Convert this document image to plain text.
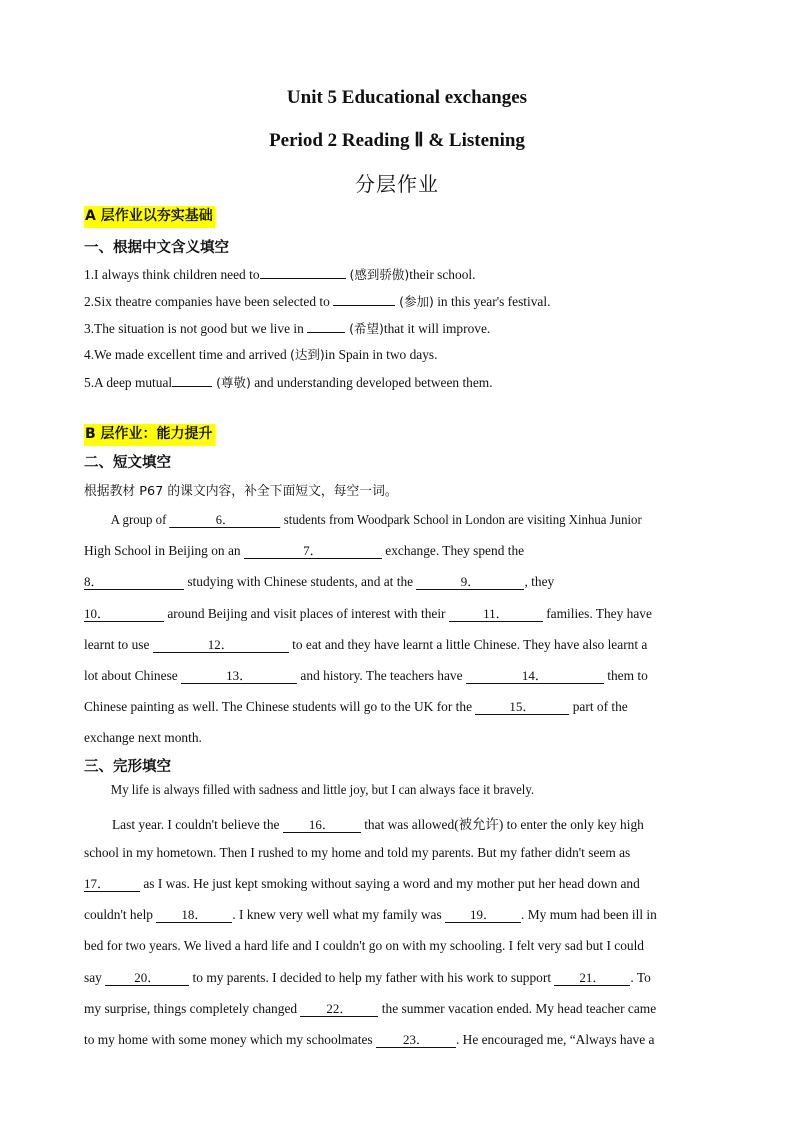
Unit 5 Educational exchanges
Period 2 Reading Ⅱ & Listening
分层作业
A 层作业以夯实基础
一、根据中文含义填空
1.I always think children need to	(感到骄傲)their school.
2.Six theatre companies have been selected to	(参加) in this year's festival.
3.The situation is not good but we live in	(希望)that it will improve.
4.We made excellent time and arrived (达到)in Spain in two days.
5.A deep mutual	(尊敬) and understanding developed between them.
B 层作业：能力提升
二、短文填空
根据教材 P67 的课文内容，补全下面短文，每空一词。
A group of	6．	students from Woodpark School in London are visiting Xinhua Junior
High School in Beijing on an	7．	exchange. They spend the
8．	studying with Chinese students, and at the	9．	, they
10．	around Beijing and visit places of interest with their	11．	families. They have
learnt to use	12．	to eat and they have learnt a little Chinese. They have also learnt a
lot about Chinese	13．	and history. The teachers have	14．	them to
Chinese painting as well. The Chinese students will go to the UK for the	15．	part of the
exchange next month.
三、完形填空
My life is always filled with sadness and little joy, but I can always face it bravely.
Last year. I couldn't believe the 16． that was allowed(被允许) to enter the only key high
school in my hometown. Then I rushed to my home and told my parents. But my father didn't seem as
17． as I was. He just kept smoking without saying a word and my mother put her head down and
couldn't help 18． . I knew very well what my family was 19． . My mum had been ill in
bed for two years. We lived a hard life and I couldn't go on with my schooling. I felt very sad but I could
say 20． to my parents. I decided to help my father with his work to support 21． . To
my surprise, things completely changed 22． the summer vacation ended. My head teacher came
to my home with some money which my schoolmates 23． . He encouraged me, “Always have a
